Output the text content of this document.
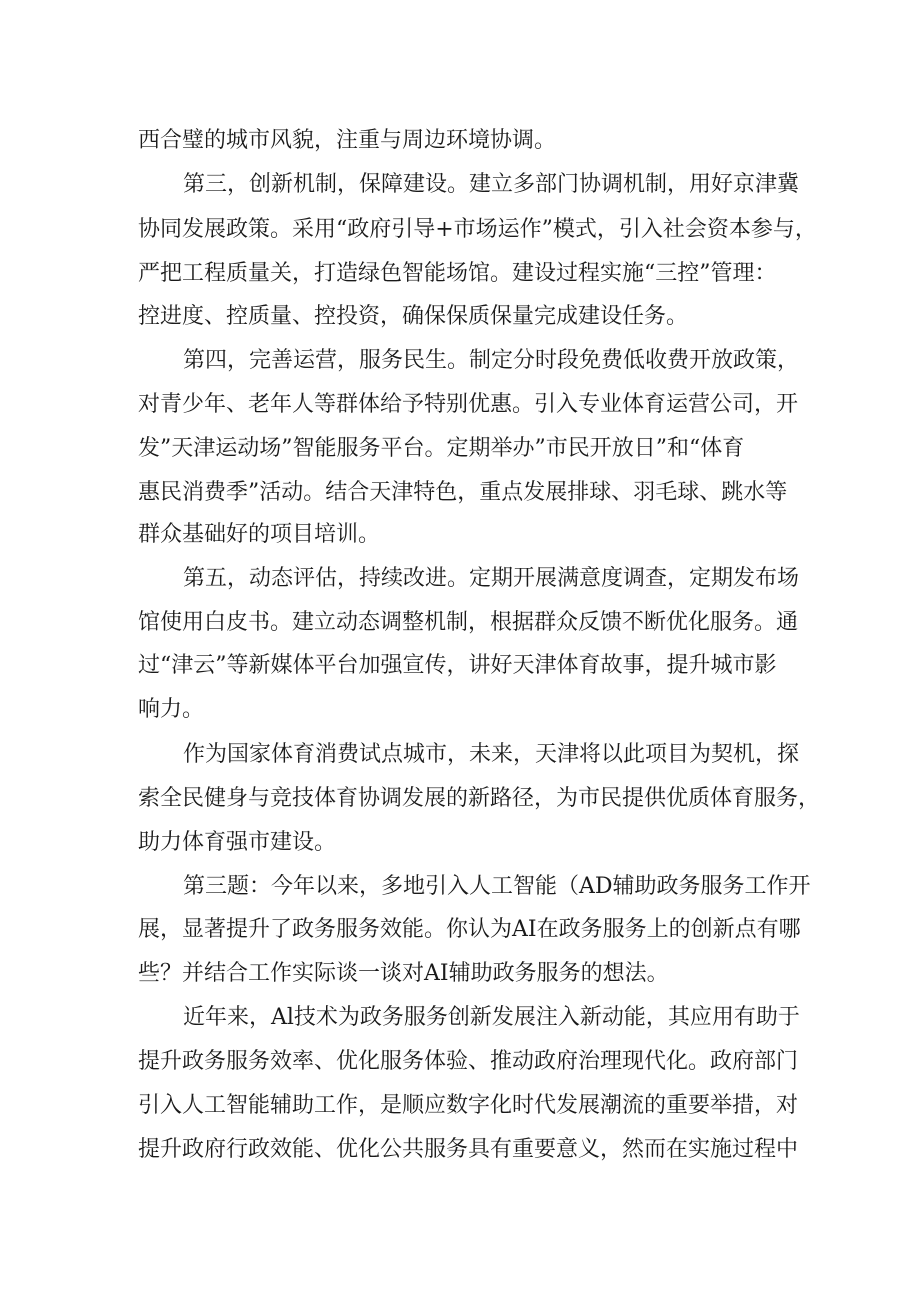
西合璧的城市风貌，注重与周边环境协调。

第三，创新机制，保障建设。建立多部门协调机制，用好京津冀

协同发展政策。采用“政府引导+市场运作”模式，引入社会资本参与，

严把工程质量关，打造绿色智能场馆。建设过程实施“三控”管理：

控进度、控质量、控投资，确保保质保量完成建设任务。

第四，完善运营，服务民生。制定分时段免费低收费开放政策，

对青少年、老年人等群体给予特别优惠。引入专业体育运营公司，开

发”天津运动场”智能服务平台。定期举办”市民开放日”和“体育

惠民消费季”活动。结合天津特色，重点发展排球、羽毛球、跳水等

群众基础好的项目培训。

第五，动态评估，持续改进。定期开展满意度调查，定期发布场

馆使用白皮书。建立动态调整机制，根据群众反馈不断优化服务。通

过“津云”等新媒体平台加强宣传，讲好天津体育故事，提升城市影

响力。

作为国家体育消费试点城市，未来，天津将以此项目为契机，探

索全民健身与竞技体育协调发展的新路径，为市民提供优质体育服务，

助力体育强市建设。

第三题：今年以来，多地引入人工智能（AD辅助政务服务工作开

展，显著提升了政务服务效能。你认为AI在政务服务上的创新点有哪

些？并结合工作实际谈一谈对AI辅助政务服务的想法。

近年来，Al技术为政务服务创新发展注入新动能，其应用有助于

提升政务服务效率、优化服务体验、推动政府治理现代化。政府部门

引入人工智能辅助工作，是顺应数字化时代发展潮流的重要举措，对

提升政府行政效能、优化公共服务具有重要意义，然而在实施过程中
